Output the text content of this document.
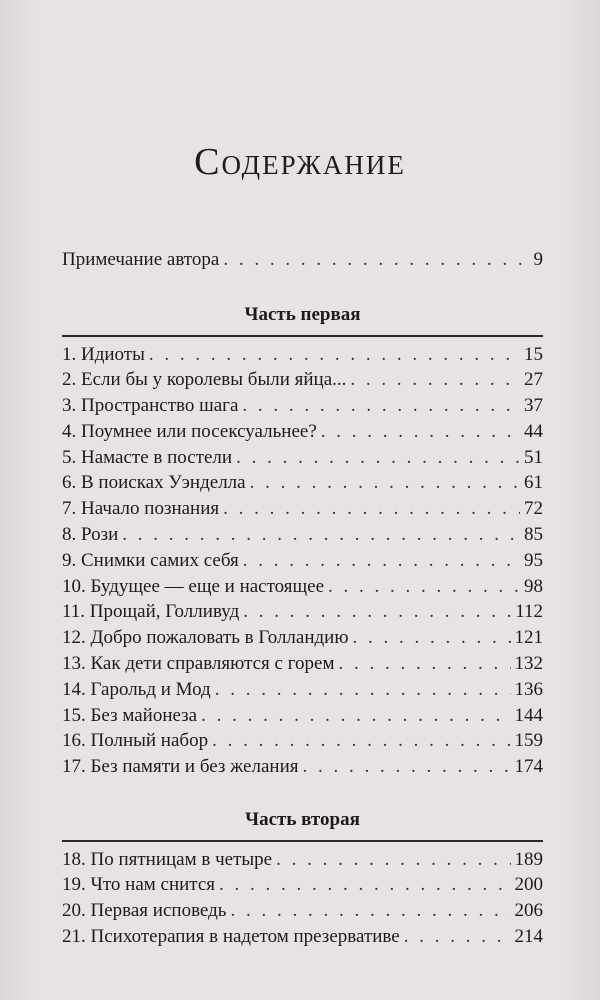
Содержание
Примечание автора . . .	9
Часть первая
1. Идиоты . . .	15
2. Если бы у королевы были яйца... . . .	27
3. Пространство шага . . .	37
4. Поумнее или посексуальнее? . . .	44
5. Намасте в постели . . .	51
6. В поисках Уэнделла . . .	61
7. Начало познания . . .	72
8. Рози . . .	85
9. Снимки самих себя . . .	95
10. Будущее — еще и настоящее . . .	98
11. Прощай, Голливуд . . .	112
12. Добро пожаловать в Голландию . . .	121
13. Как дети справляются с горем . . .	132
14. Гарольд и Мод . . .	136
15. Без майонеза . . .	144
16. Полный набор . . .	159
17. Без памяти и без желания . . .	174
Часть вторая
18. По пятницам в четыре . . .	189
19. Что нам снится . . .	200
20. Первая исповедь . . .	206
21. Психотерапия в надетом презервативе . . .	214
